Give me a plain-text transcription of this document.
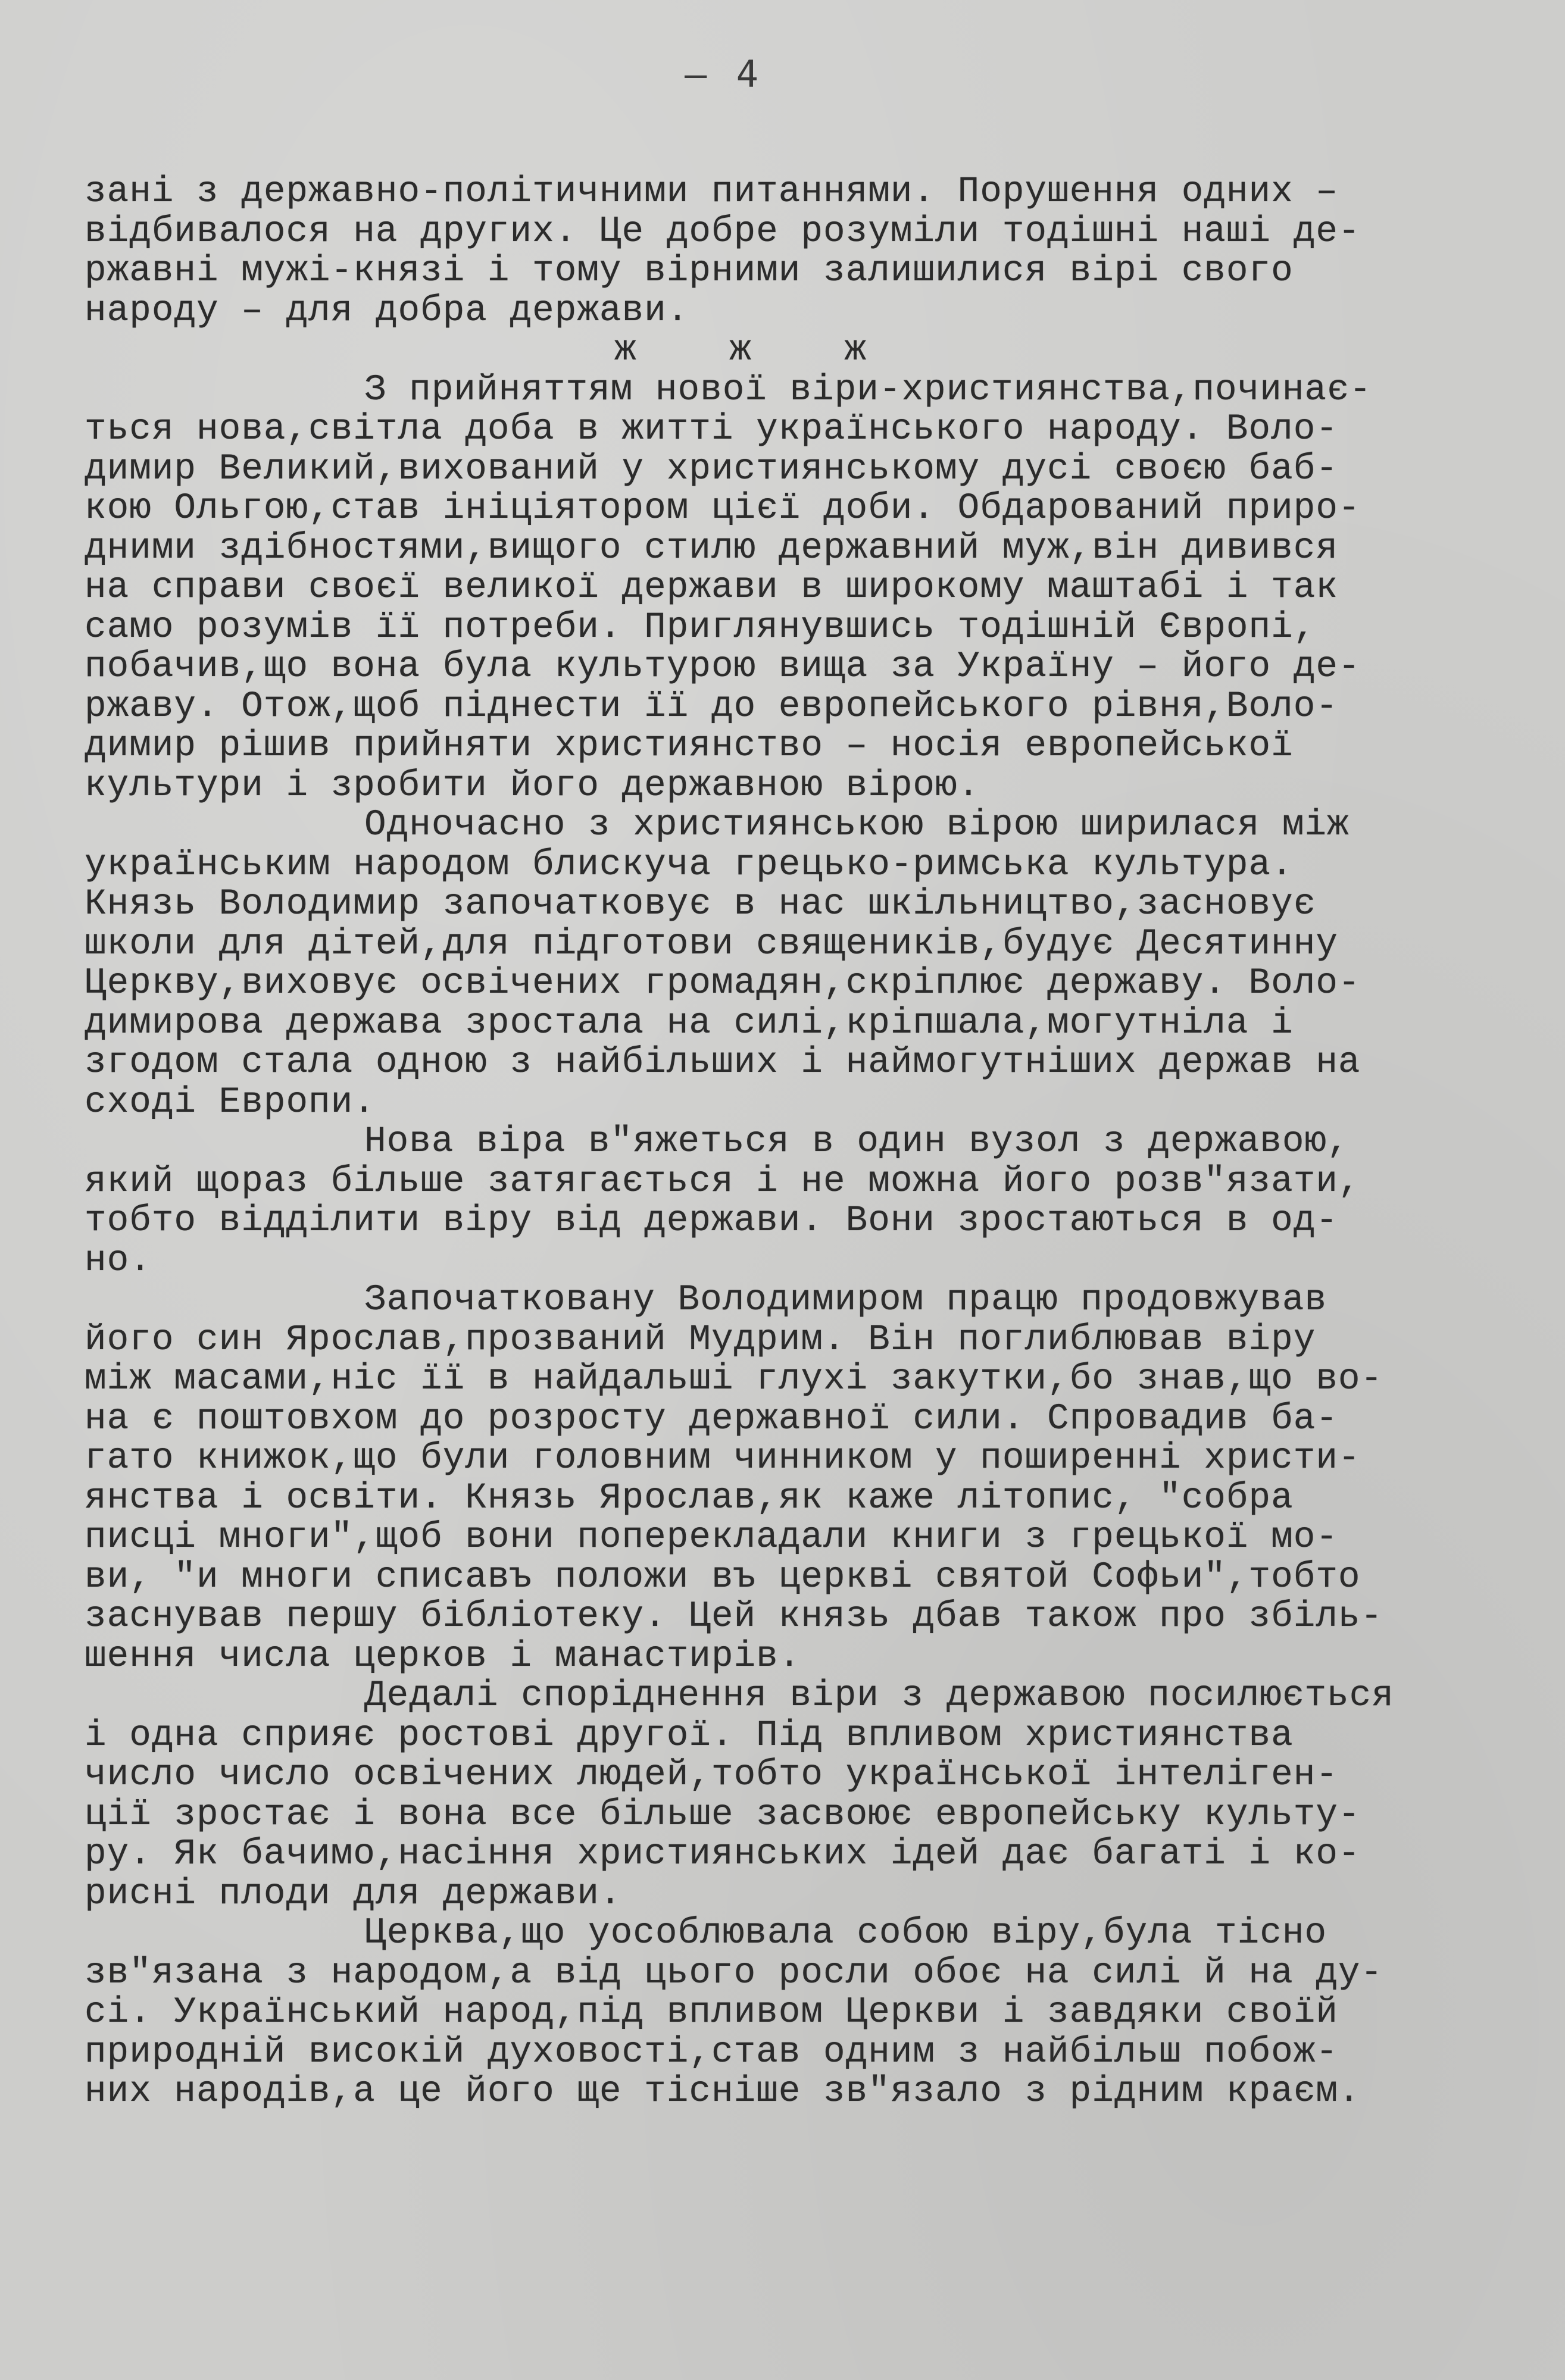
– 4
зані з державно-політичними питаннями. Порушення одних –
відбивалося на других. Це добре розуміли тодішні наші де-
ржавні мужі-князі і тому вірними залишилися вірі свого
народу – для добра держави.
ж ж ж
З прийняттям нової віри-християнства,починає-
ться нова,світла доба в житті українського народу. Воло-
димир Великий,вихований у християнському дусі своєю баб-
кою Ольгою,став ініціятором цієї доби. Обдарований приро-
дними здібностями,вищого стилю державний муж,він дивився
на справи своєї великої держави в широкому маштабі і так
само розумів її потреби. Приглянувшись тодішній Європі,
побачив,що вона була культурою вища за Україну – його де-
ржаву. Отож,щоб піднести її до европейського рівня,Воло-
димир рішив прийняти християнство – носія европейської
культури і зробити його державною вірою.
Одночасно з християнською вірою ширилася між
українським народом блискуча грецько-римська культура.
Князь Володимир започатковує в нас шкільництво,засновує
школи для дітей,для підготови священиків,будує Десятинну
Церкву,виховує освічених громадян,скріплює державу. Воло-
димирова держава зростала на силі,кріпшала,могутніла і
згодом стала одною з найбільших і наймогутніших держав на
сході Европи.
Нова віра в"яжеться в один вузол з державою,
який щораз більше затягається і не можна його розв"язати,
тобто відділити віру від держави. Вони зростаються в од-
но.
Започатковану Володимиром працю продовжував
його син Ярослав,прозваний Мудрим. Він поглиблював віру
між масами,ніс її в найдальші глухі закутки,бо знав,що во-
на є поштовхом до розросту державної сили. Спровадив ба-
гато книжок,що були головним чинником у поширенні христи-
янства і освіти. Князь Ярослав,як каже літопис, "собра
писці многи",щоб вони поперекладали книги з грецької мо-
ви, "и многи списавъ положи въ церкві святой Софьи",тобто
заснував першу бібліотеку. Цей князь дбав також про збіль-
шення числа церков і манастирів.
Дедалі споріднення віри з державою посилюється
і одна сприяє ростові другої. Під впливом християнства
число число освічених людей,тобто української інтеліген-
ції зростає і вона все більше засвоює европейську культу-
ру. Як бачимо,насіння християнських ідей дає багаті і ко-
рисні плоди для держави.
Церква,що уособлювала собою віру,була тісно
зв"язана з народом,а від цього росли обоє на силі й на ду-
сі. Український народ,під впливом Церкви і завдяки своїй
природній високій духовості,став одним з найбільш побож-
них народів,а це його ще тісніше зв"язало з рідним краєм.
